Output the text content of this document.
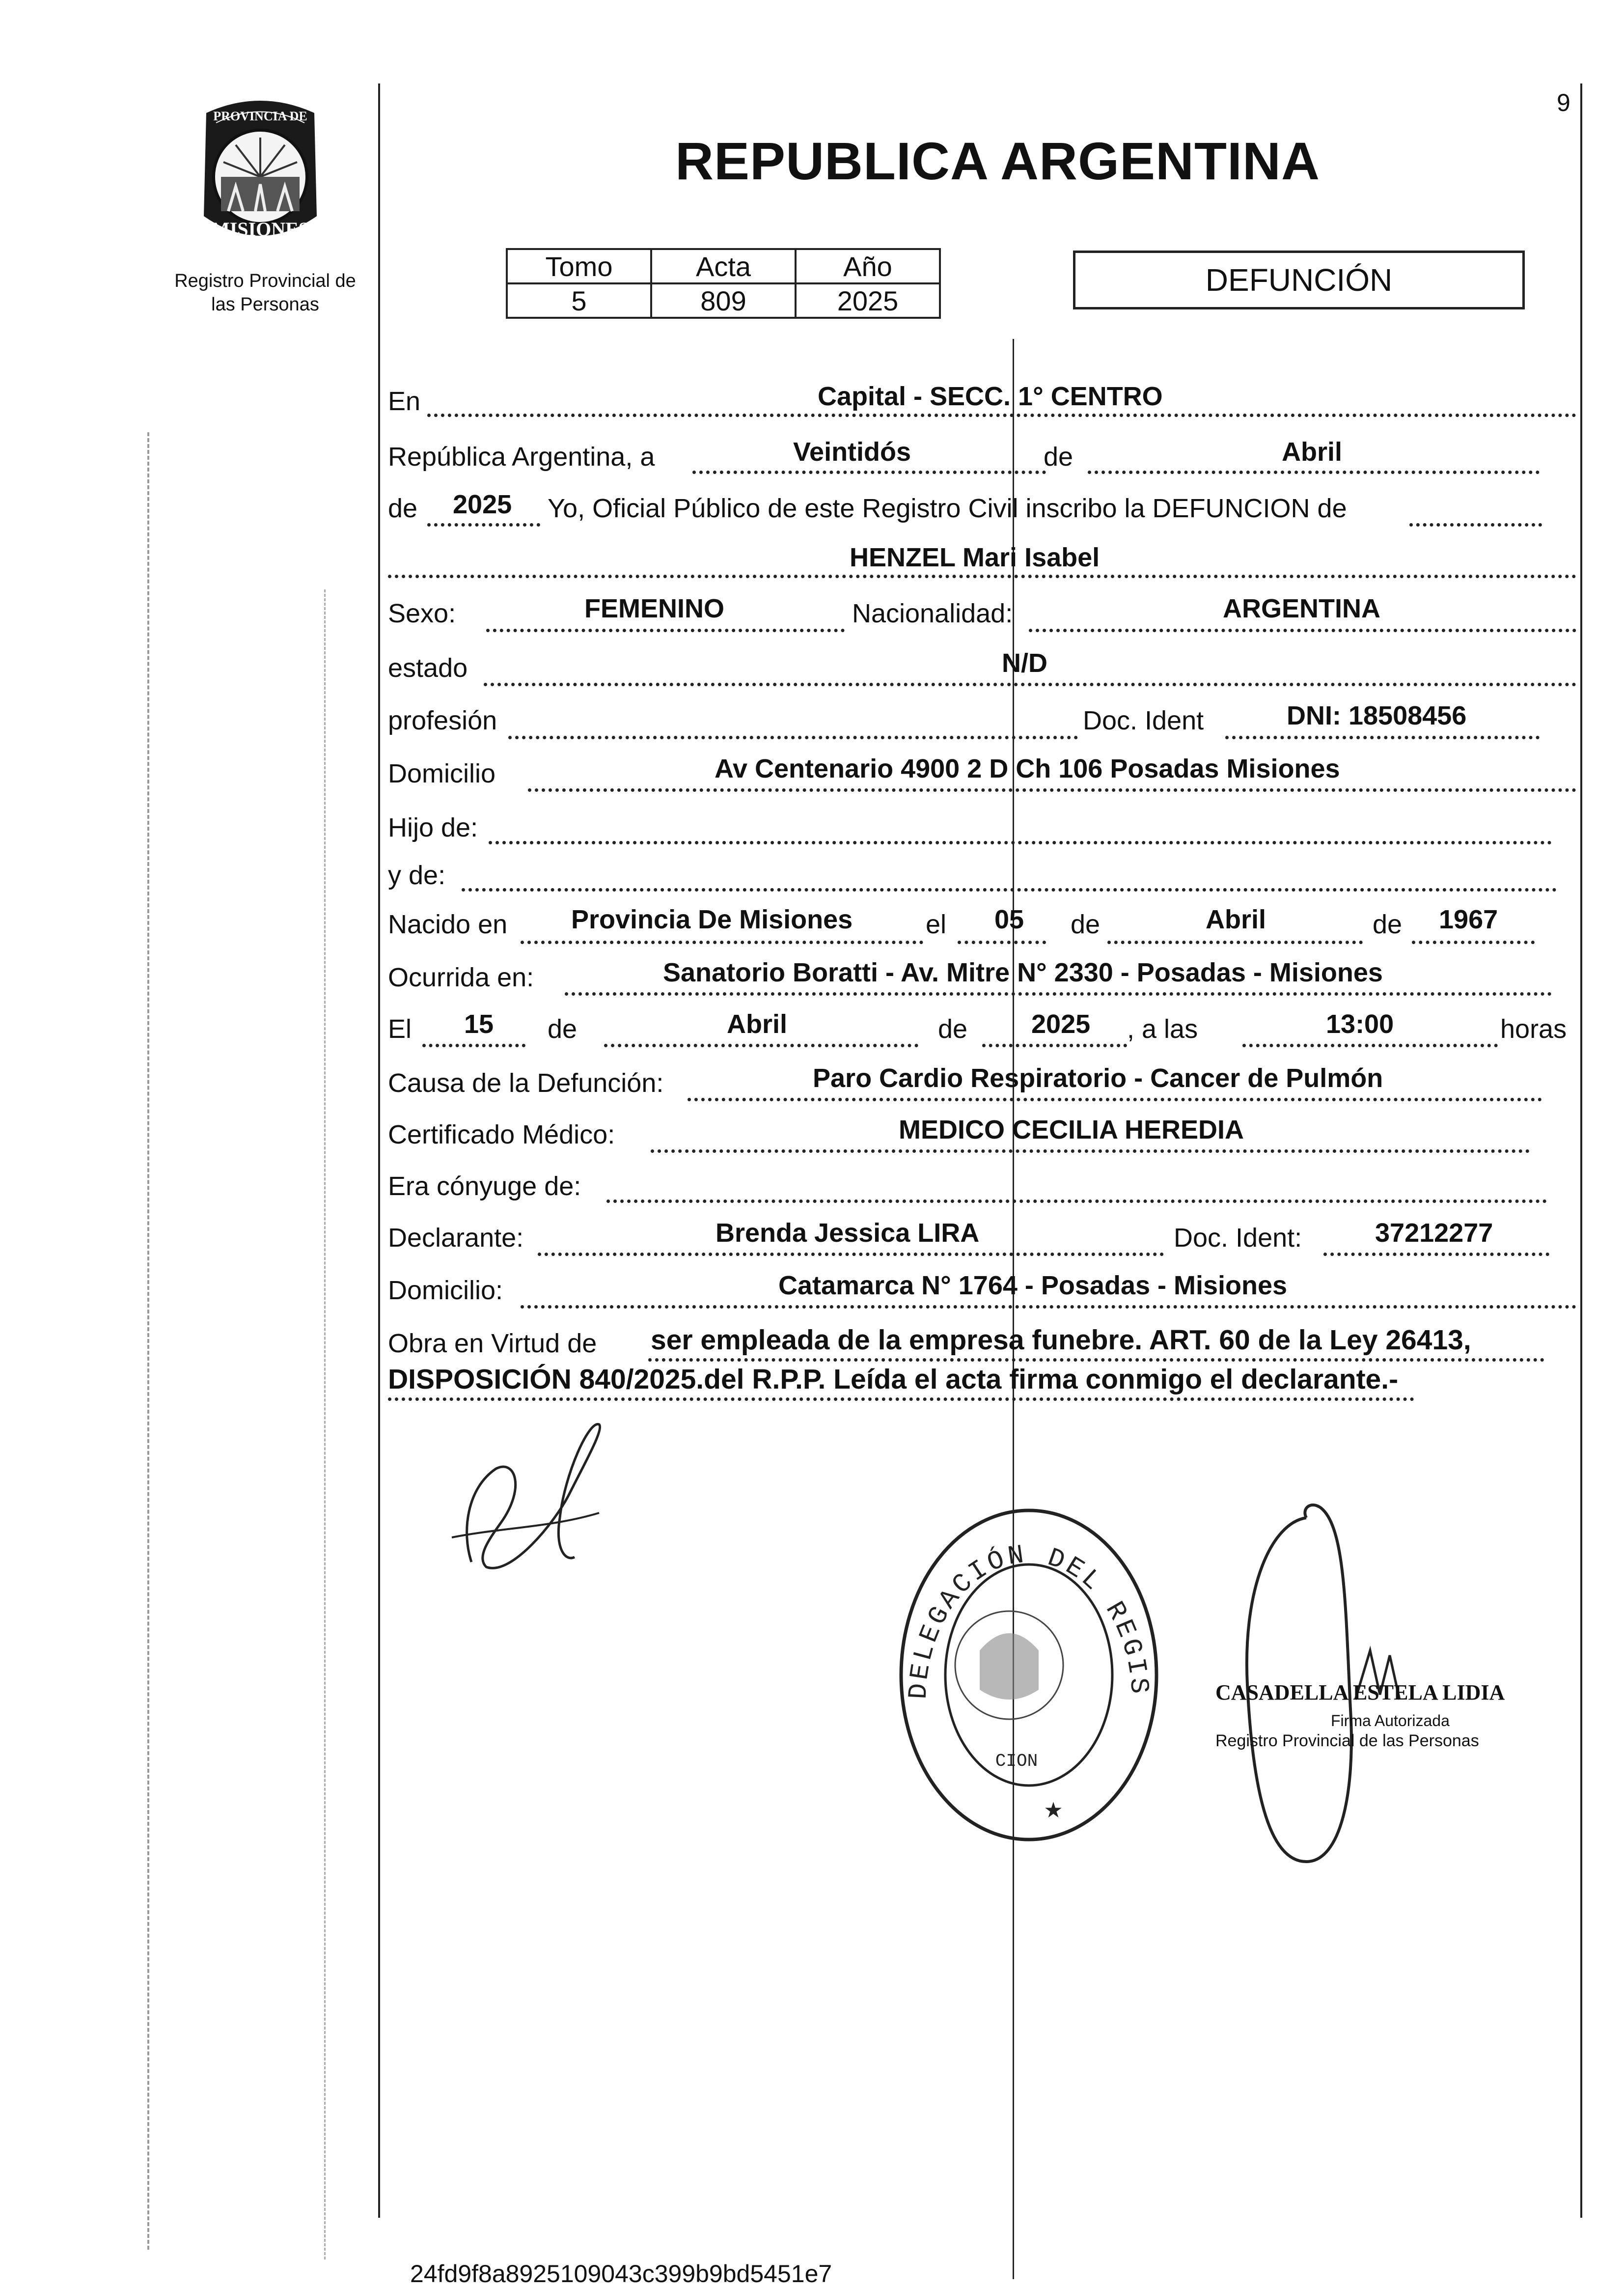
PROVINCIA DE
MISIONES
Registro Provincial de las Personas
9
REPUBLICA ARGENTINA
Tomo	Acta	Año
5	809	2025
DEFUNCIÓN
En	Capital - SECC. 1° CENTRO
República Argentina, a	Veintidós	de	Abril
de 2025 Yo, Oficial Público de este Registro Civil inscribo la DEFUNCION de
HENZEL Mari Isabel
Sexo:	FEMENINO	Nacionalidad:	ARGENTINA
estado	N/D
profesión	Doc. Ident	DNI: 18508456
Domicilio	Av Centenario 4900 2 D Ch 106 Posadas Misiones
Hijo de:
y de:
Nacido en Provincia De Misiones	el 05 de	Abril	de 1967
Ocurrida en:	Sanatorio Boratti - Av. Mitre N° 2330 - Posadas - Misiones
El 15 de	Abril	de 2025 , a las	13:00	horas
Causa de la Defunción:	Paro Cardio Respiratorio - Cancer de Pulmón
Certificado Médico:	MEDICO CECILIA HEREDIA
Era cónyuge de:
Declarante:	Brenda Jessica LIRA	Doc. Ident:	37212277
Domicilio:	Catamarca N° 1764 - Posadas - Misiones
Obra en Virtud de ser empleada de la empresa funebre. ART. 60 de la Ley 26413,
DISPOSICIÓN 840/2025.del R.P.P. Leída el acta firma conmigo el declarante.-
DELEGACIÓN DEL REGIS
CION
★
CASADELLA ESTELA LIDIA
Firma Autorizada
Registro Provincial de las Personas
24fd9f8a8925109043c399b9bd5451e7
